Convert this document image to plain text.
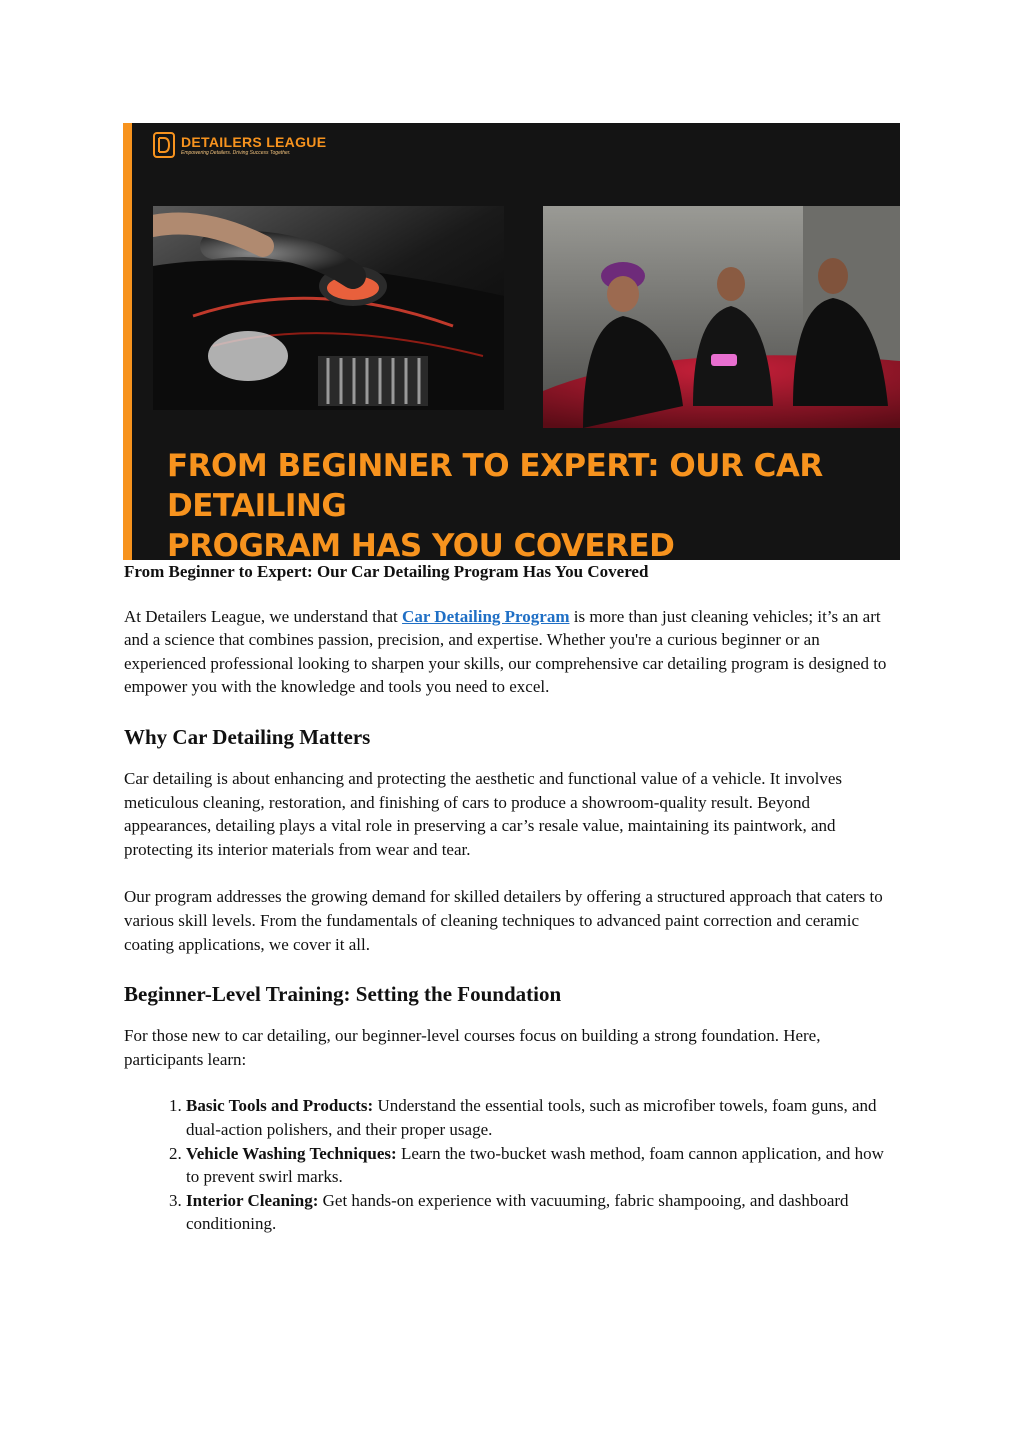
DETAILERS LEAGUE
Empowering Detailers. Driving Success Together.
FROM BEGINNER TO EXPERT: OUR CAR DETAILING
PROGRAM HAS YOU COVERED

From Beginner to Expert: Our Car Detailing Program Has You Covered

At Detailers League, we understand that Car Detailing Program is more than just cleaning vehicles; it’s an art and a science that combines passion, precision, and expertise. Whether you're a curious beginner or an experienced professional looking to sharpen your skills, our comprehensive car detailing program is designed to empower you with the knowledge and tools you need to excel.

Why Car Detailing Matters

Car detailing is about enhancing and protecting the aesthetic and functional value of a vehicle. It involves meticulous cleaning, restoration, and finishing of cars to produce a showroom-quality result. Beyond appearances, detailing plays a vital role in preserving a car’s resale value, maintaining its paintwork, and protecting its interior materials from wear and tear.

Our program addresses the growing demand for skilled detailers by offering a structured approach that caters to various skill levels. From the fundamentals of cleaning techniques to advanced paint correction and ceramic coating applications, we cover it all.

Beginner-Level Training: Setting the Foundation

For those new to car detailing, our beginner-level courses focus on building a strong foundation. Here, participants learn:

1. Basic Tools and Products: Understand the essential tools, such as microfiber towels, foam guns, and dual-action polishers, and their proper usage.
2. Vehicle Washing Techniques: Learn the two-bucket wash method, foam cannon application, and how to prevent swirl marks.
3. Interior Cleaning: Get hands-on experience with vacuuming, fabric shampooing, and dashboard conditioning.
